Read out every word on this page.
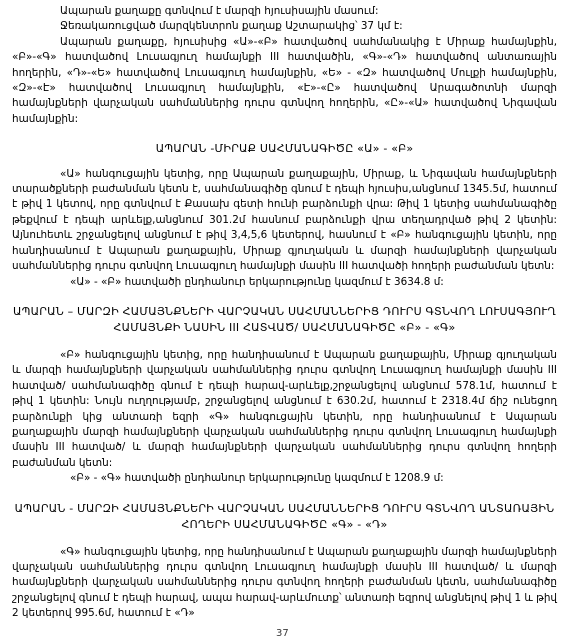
Ապարան քաղաքը գտնվում է մարզի հյուսիսային մասում:

Ջեռակառուցված մարզկենտրոն քաղաք Աշտարակից՝ 37 կմ է:

Ապարան քաղաքը, հյուսիսից «Ա»-«Բ» հատվածով սահմանակից է Միրաք համայնքին, «Բ»-«Գ» հատվածով Լուսագյուղ համայնքի III հատվածին, «Գ»-«Դ» հատվածով անտառային հողերին, «Դ»-«Ե» հատվածով Լուսագյուղ համայնքին, «Ե» - «Զ» հատվածով Մուլքի համայնքին, «Զ»-«Է» հատվածով Լուսագյուղ համայնքին, «Է»-«Ը» հատվածով Արագածոտնի մարզի համայնքների վարչական սահմաններից դուրս գտնվող հողերին, «Ը»-«Ա» հատվածով Նիգավան համայնքին:

ԱՊԱՐԱՆ -ՄԻՐԱՔ ՍԱՀՄԱՆԱԳԻԾԸ «Ա» - «Բ»

«Ա» հանգուցային կետից, որը Ապարան քաղաքային, Միրաք, և Նիգավան համայնքների տարածքների բաժանման կետն է, սահմանագիծը գնում է դեպի հյուսիս,անցնում 1345.5մ, հատում է թիվ 1 կետով, որը գտնվում է Քասախ գետի հունի բարձունքի վրա: Թիվ 1 կետից սահմանագիծը թեքվում է դեպի արևելք,անցնում 301.2մ հասնում բարձունքի վրա տեղադրված թիվ 2 կետին: Այնուհետև շրջանցելով անցնում է թիվ 3,4,5,6 կետերով, հասնում է «Բ» հանգուցային կետին, որը հանդիսանում է Ապարան քաղաքային, Միրաք գյուղական և մարզի համայնքների վարչական սահմաններից դուրս գտնվող Լուսագյուղ համայնքի մասին III հատվածի հողերի բաժանման կետն:

«Ա» - «Բ» հատվածի ընդհանուր երկարությունը կազմում է 3634.8 մ:

ԱՊԱՐԱՆ – ՄԱՐԶԻ ՀԱՄԱՅՆՔՆԵՐԻ ՎԱՐՉԱԿԱՆ ՍԱՀՄԱՆՆԵՐԻՑ ԴՈՒՐՍ ԳՏՆՎՈՂ ԼՈՒՍԱԳՅՈՒՂ
ՀԱՄԱՅՆՔԻ ՆԱՍԻՆ III ՀԱՏՎԱԾ/ ՍԱՀՄԱՆԱԳԻԾԸ «Բ» - «Գ»

«Բ» հանգուցային կետից, որը հանդիսանում է Ապարան քաղաքային, Միրաք գյուղական և մարզի համայնքների վարչական սահմաններից դուրս գտնվող Լուսագյուղ համայնքի մասին III հատված/ սահմանագիծը գնում է դեպի հարավ-արևելք,շրջանցելով անցնում 578.1մ, հատում է թիվ 1 կետին: Նույն ուղղությամբ, շրջանցելով անցնում է 630.2մ, հատում է 2318.4մ ճիշ ունեցող բարձունքի կից անտառի եզրի «Գ» հանգուցային կետին, որը հանդիսանում է Ապարան քաղաքային մարզի համայնքների վարչական սահմաններից դուրս գտնվող Լուսագյուղ համայնքի մասին III հատված/ և մարզի համայնքների վարչական սահմաններից դուրս գտնվող հողերի բաժանման կետն:

«Բ» - «Գ» հատվածի ընդհանուր երկարությունը կազմում է 1208.9 մ:

ԱՊԱՐԱՆ - ՄԱՐԶԻ ՀԱՄԱՅՆՔՆԵՐԻ ՎԱՐՉԱԿԱՆ ՍԱՀՄԱՆՆԵՐԻՑ ԴՈՒՐՍ ԳՏՆՎՈՂ ԱՆՏԱՌԱՅԻՆ
ՀՈՂԵՐԻ ՍԱՀՄԱՆԱԳԻԾԸ «Գ» - «Դ»

«Գ» հանգուցային կետից, որը հանդիսանում է Ապարան քաղաքային մարզի համայնքների վարչական սահմաններից դուրս գտնվող Լուսագյուղ համայնքի մասին III հատված/ և մարզի համայնքների վարչական սահմաններից դուրս գտնվող հողերի բաժանման կետն, սահմանագիծը շրջանցելով գնում է դեպի հարավ, ապա հարավ-արևմուտք՝ անտառի եզրով անցնելով թիվ 1 և թիվ 2 կետերով 995.6մ, հատում է «Դ»

37
